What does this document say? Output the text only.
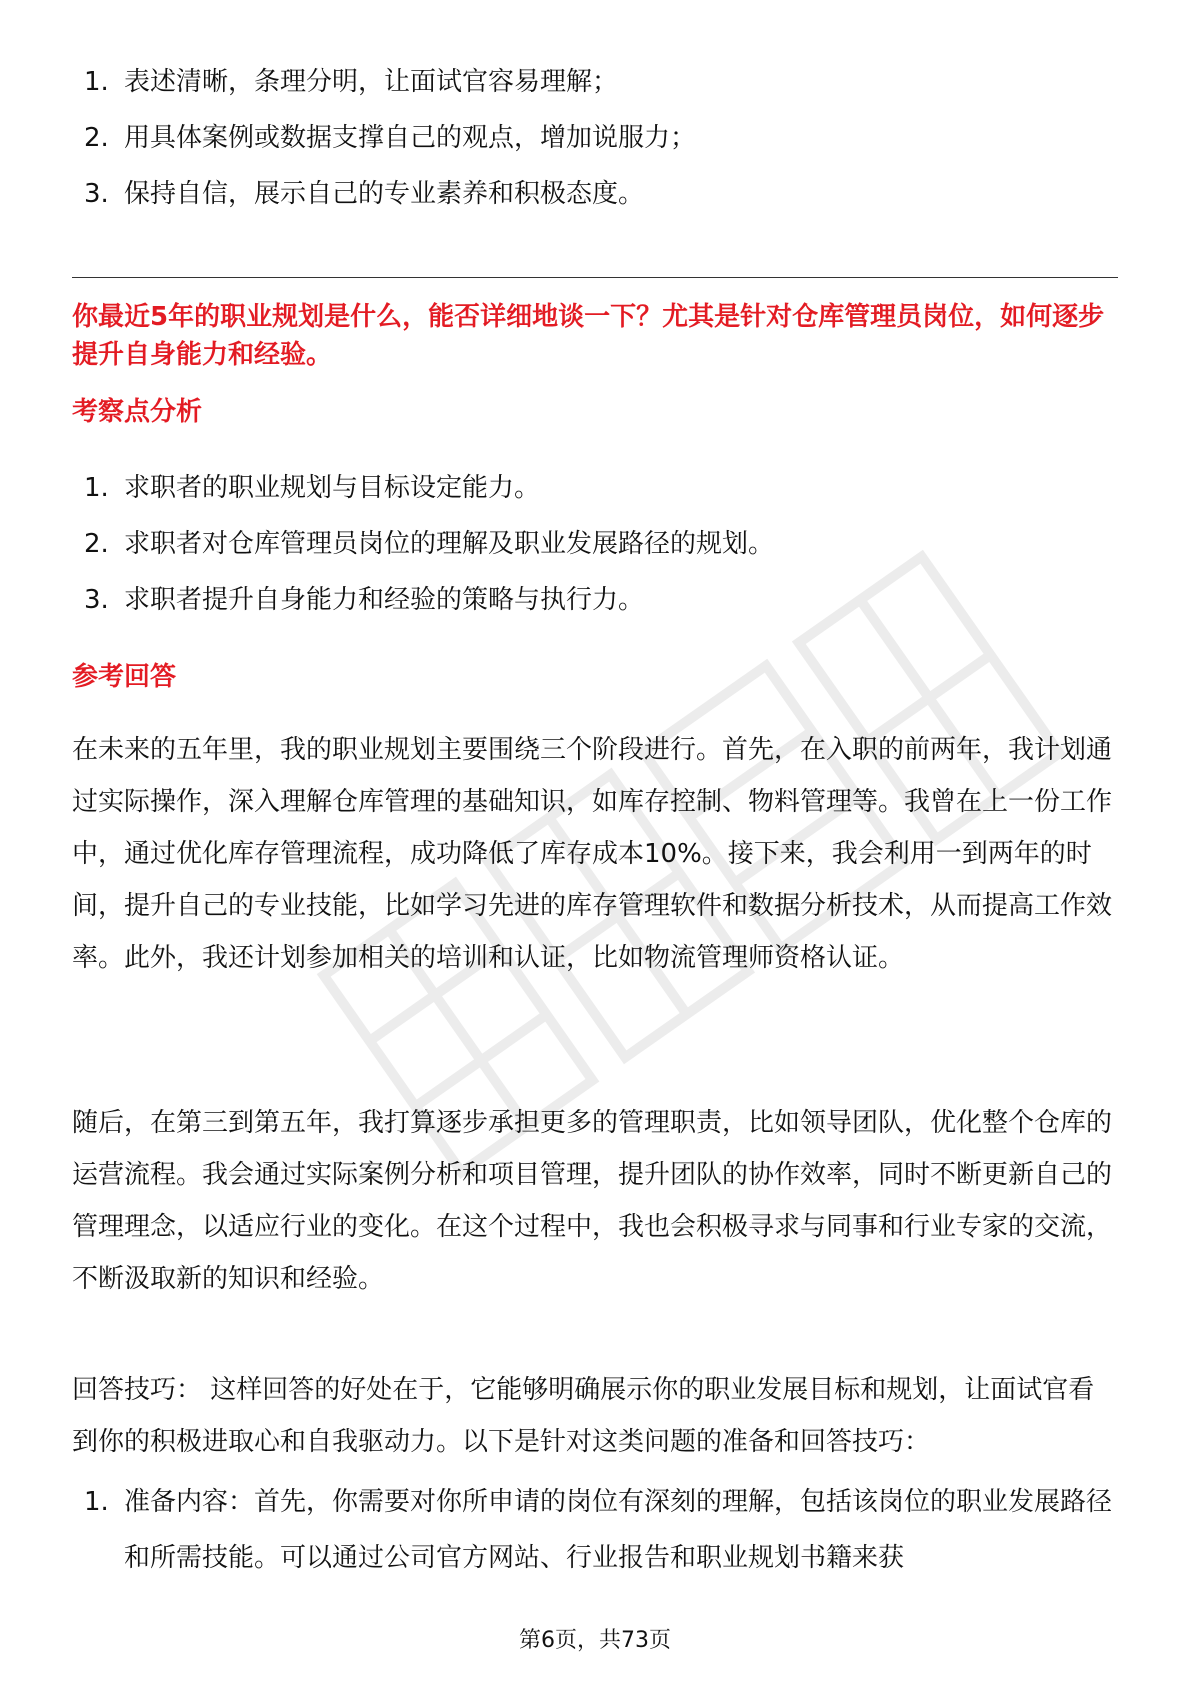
1. 表述清晰，条理分明，让面试官容易理解；
2. 用具体案例或数据支撑自己的观点，增加说服力；
3. 保持自信，展示自己的专业素养和积极态度。
你最近5年的职业规划是什么，能否详细地谈一下？尤其是针对仓库管理员岗位，如何逐步提升自身能力和经验。
考察点分析
1. 求职者的职业规划与目标设定能力。
2. 求职者对仓库管理员岗位的理解及职业发展路径的规划。
3. 求职者提升自身能力和经验的策略与执行力。
参考回答

在未来的五年里，我的职业规划主要围绕三个阶段进行。首先，在入职的前两年，我计划通过实际操作，深入理解仓库管理的基础知识，如库存控制、物料管理等。我曾在上一份工作中，通过优化库存管理流程，成功降低了库存成本10%。接下来，我会利用一到两年的时间，提升自己的专业技能，比如学习先进的库存管理软件和数据分析技术，从而提高工作效率。此外，我还计划参加相关的培训和认证，比如物流管理师资格认证。

随后，在第三到第五年，我打算逐步承担更多的管理职责，比如领导团队，优化整个仓库的运营流程。我会通过实际案例分析和项目管理，提升团队的协作效率，同时不断更新自己的管理理念，以适应行业的变化。在这个过程中，我也会积极寻求与同事和行业专家的交流，不断汲取新的知识和经验。

回答技巧： 这样回答的好处在于，它能够明确展示你的职业发展目标和规划，让面试官看到你的积极进取心和自我驱动力。以下是针对这类问题的准备和回答技巧：

1. 准备内容：首先，你需要对你所申请的岗位有深刻的理解，包括该岗位的职业发展路径和所需技能。可以通过公司官方网站、行业报告和职业规划书籍来获
第6页，共73页
